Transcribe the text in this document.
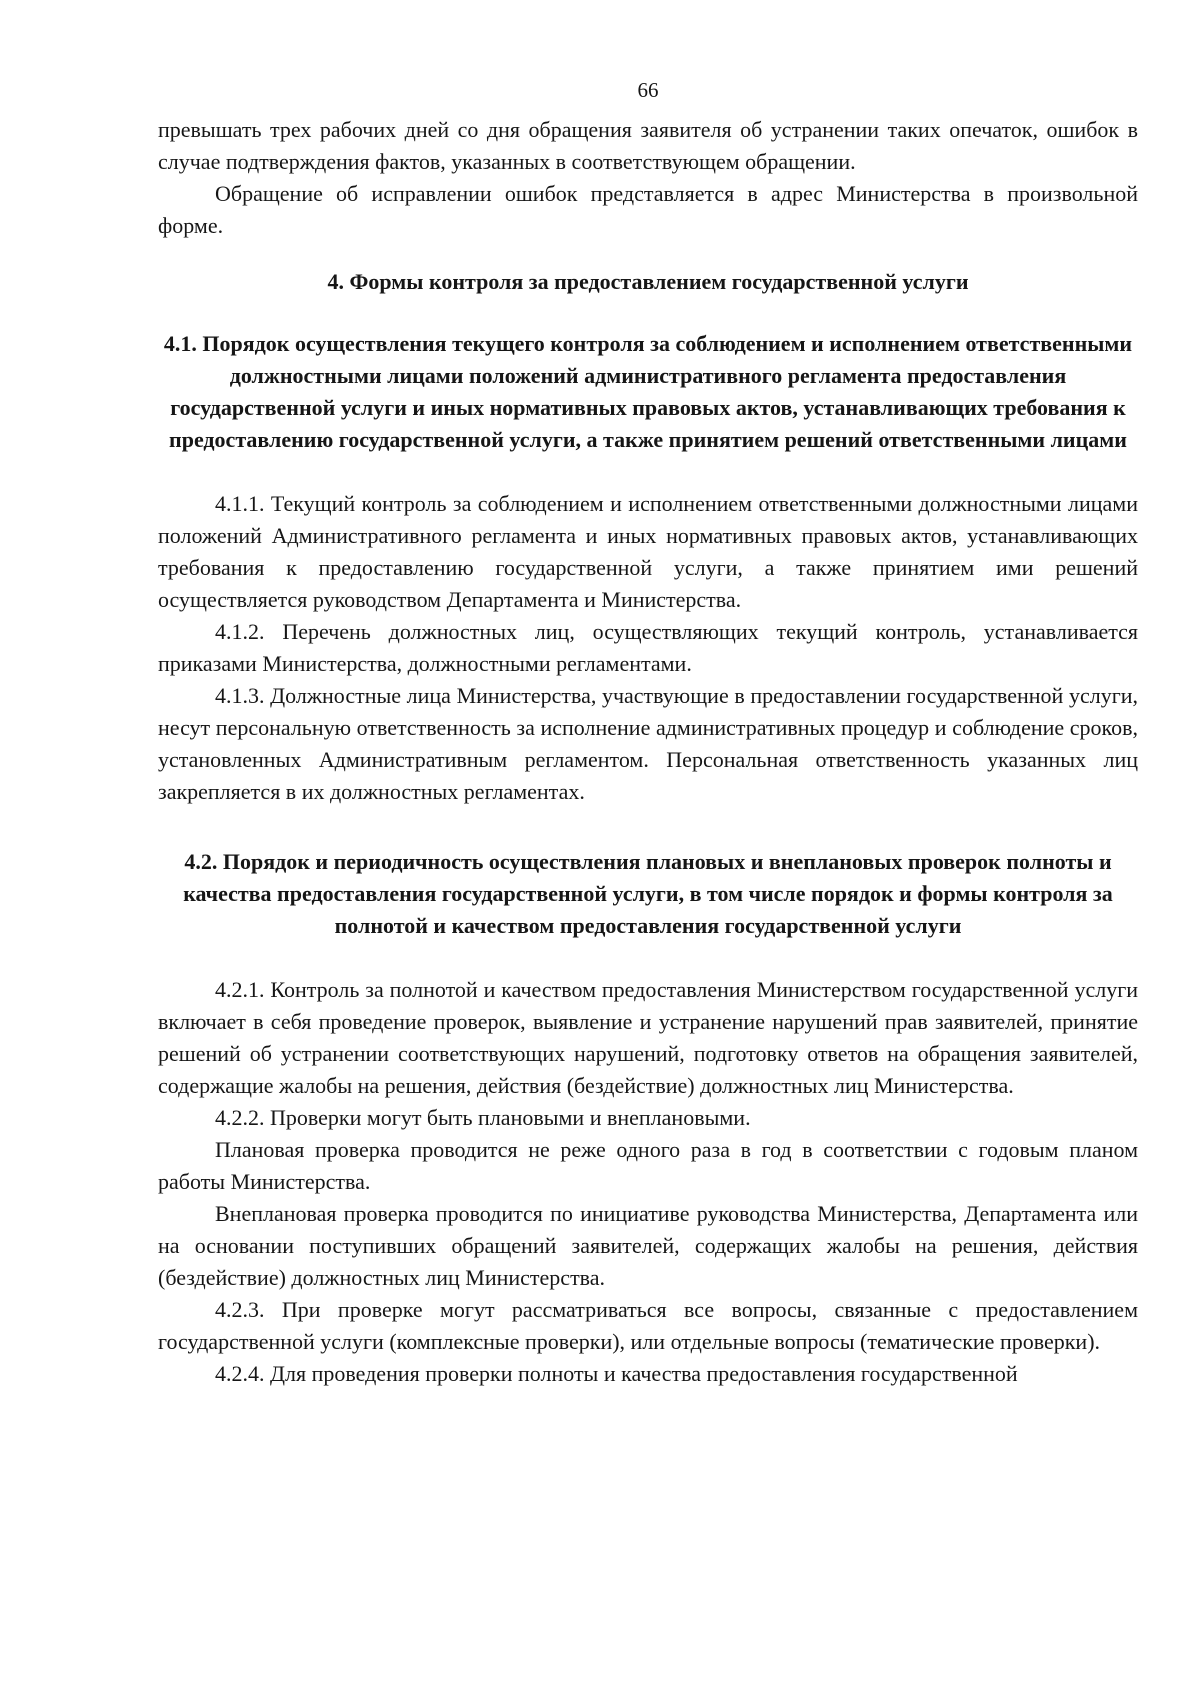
66

превышать трех рабочих дней со дня обращения заявителя об устранении таких опечаток, ошибок в случае подтверждения фактов, указанных в соответствующем обращении.

Обращение об исправлении ошибок представляется в адрес Министерства в произвольной форме.

4. Формы контроля за предоставлением государственной услуги
4.1. Порядок осуществления текущего контроля за соблюдением и исполнением ответственными должностными лицами положений административного регламента предоставления государственной услуги и иных нормативных правовых актов, устанавливающих требования к предоставлению государственной услуги, а также принятием решений ответственными лицами

4.1.1. Текущий контроль за соблюдением и исполнением ответственными должностными лицами положений Административного регламента и иных нормативных правовых актов, устанавливающих требования к предоставлению государственной услуги, а также принятием ими решений осуществляется руководством Департамента и Министерства.

4.1.2. Перечень должностных лиц, осуществляющих текущий контроль, устанавливается приказами Министерства, должностными регламентами.

4.1.3. Должностные лица Министерства, участвующие в предоставлении государственной услуги, несут персональную ответственность за исполнение административных процедур и соблюдение сроков, установленных Административным регламентом. Персональная ответственность указанных лиц закрепляется в их должностных регламентах.

4.2. Порядок и периодичность осуществления плановых и внеплановых проверок полноты и качества предоставления государственной услуги, в том числе порядок и формы контроля за полнотой и качеством предоставления государственной услуги

4.2.1. Контроль за полнотой и качеством предоставления Министерством государственной услуги включает в себя проведение проверок, выявление и устранение нарушений прав заявителей, принятие решений об устранении соответствующих нарушений, подготовку ответов на обращения заявителей, содержащие жалобы на решения, действия (бездействие) должностных лиц Министерства.

4.2.2. Проверки могут быть плановыми и внеплановыми.

Плановая проверка проводится не реже одного раза в год в соответствии с годовым планом работы Министерства.

Внеплановая проверка проводится по инициативе руководства Министерства, Департамента или на основании поступивших обращений заявителей, содержащих жалобы на решения, действия (бездействие) должностных лиц Министерства.

4.2.3. При проверке могут рассматриваться все вопросы, связанные с предоставлением государственной услуги (комплексные проверки), или отдельные вопросы (тематические проверки).

4.2.4. Для проведения проверки полноты и качества предоставления государственной
